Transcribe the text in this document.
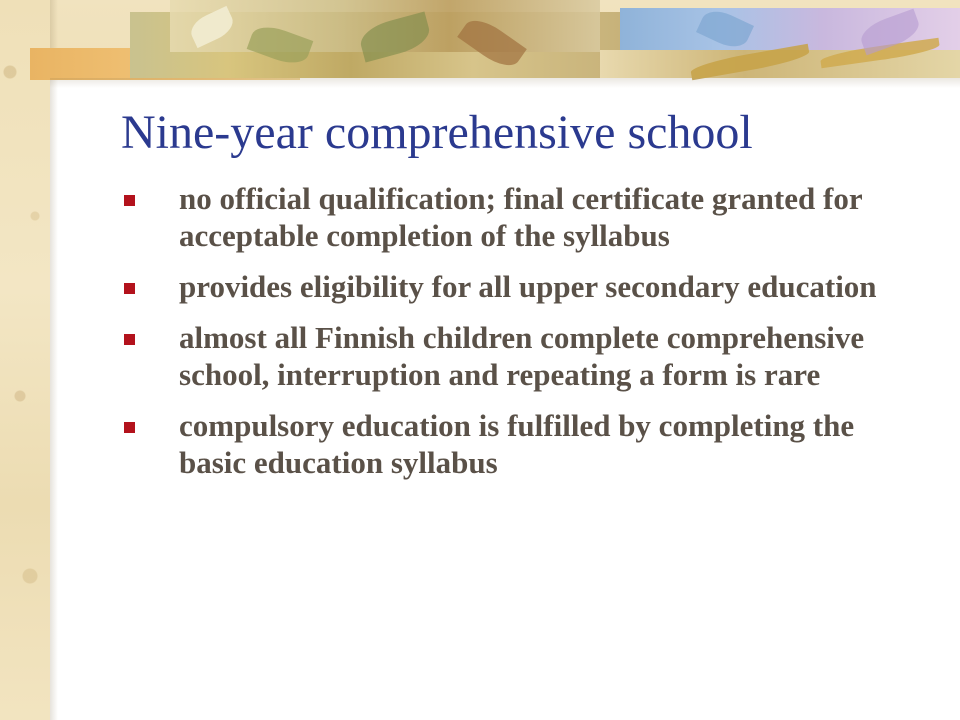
Nine-year comprehensive school
no official qualification; final certificate granted for acceptable completion of the syllabus
provides eligibility for all upper secondary education
almost all Finnish children complete comprehensive school, interruption and repeating a form is rare
compulsory education is fulfilled by completing the basic education syllabus
